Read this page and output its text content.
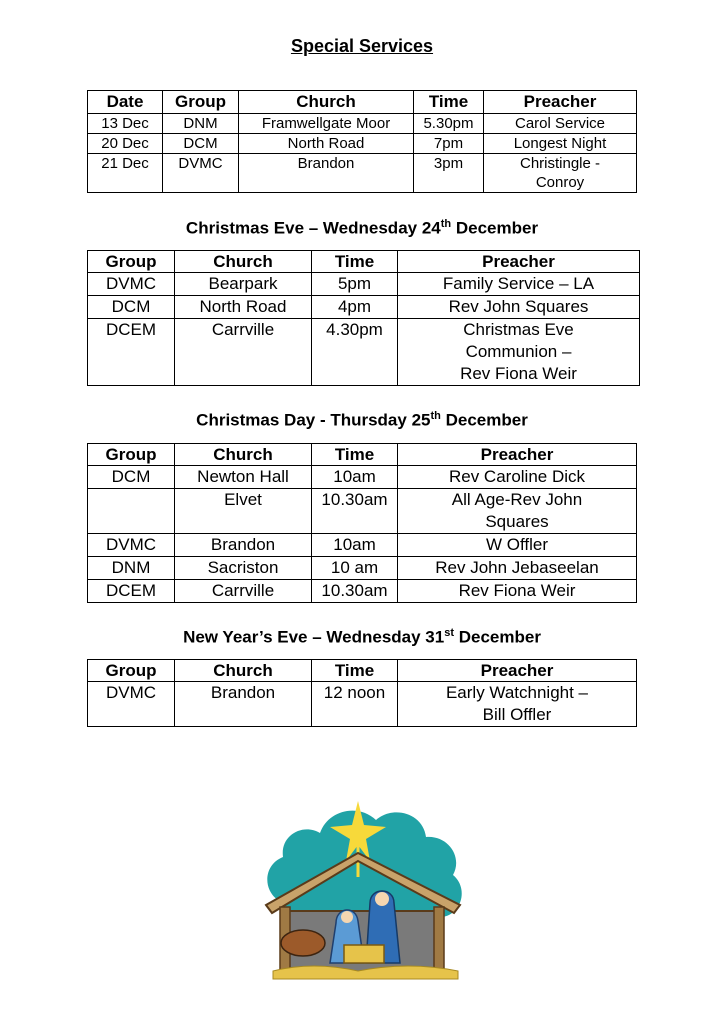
Special Services
Date	Group	Church	Time	Preacher
13 Dec	DNM	Framwellgate Moor	5.30pm	Carol Service
20 Dec	DCM	North Road	7pm	Longest Night
21 Dec	DVMC	Brandon	3pm	Christingle -
Conroy
Christmas Eve – Wednesday 24th December
Group	Church	Time	Preacher
DVMC	Bearpark	5pm	Family Service – LA
DCM	North Road	4pm	Rev John Squares
DCEM	Carrville	4.30pm	Christmas Eve
Communion –
Rev Fiona Weir
Christmas Day - Thursday 25th December
Group	Church	Time	Preacher
DCM	Newton Hall	10am	Rev Caroline Dick
	Elvet	10.30am	All Age-Rev John
Squares
DVMC	Brandon	10am	W Offler
DNM	Sacriston	10 am	Rev John Jebaseelan
DCEM	Carrville	10.30am	Rev Fiona Weir
New Year’s Eve – Wednesday 31st December
Group	Church	Time	Preacher
DVMC	Brandon	12 noon	Early Watchnight –
Bill Offler
